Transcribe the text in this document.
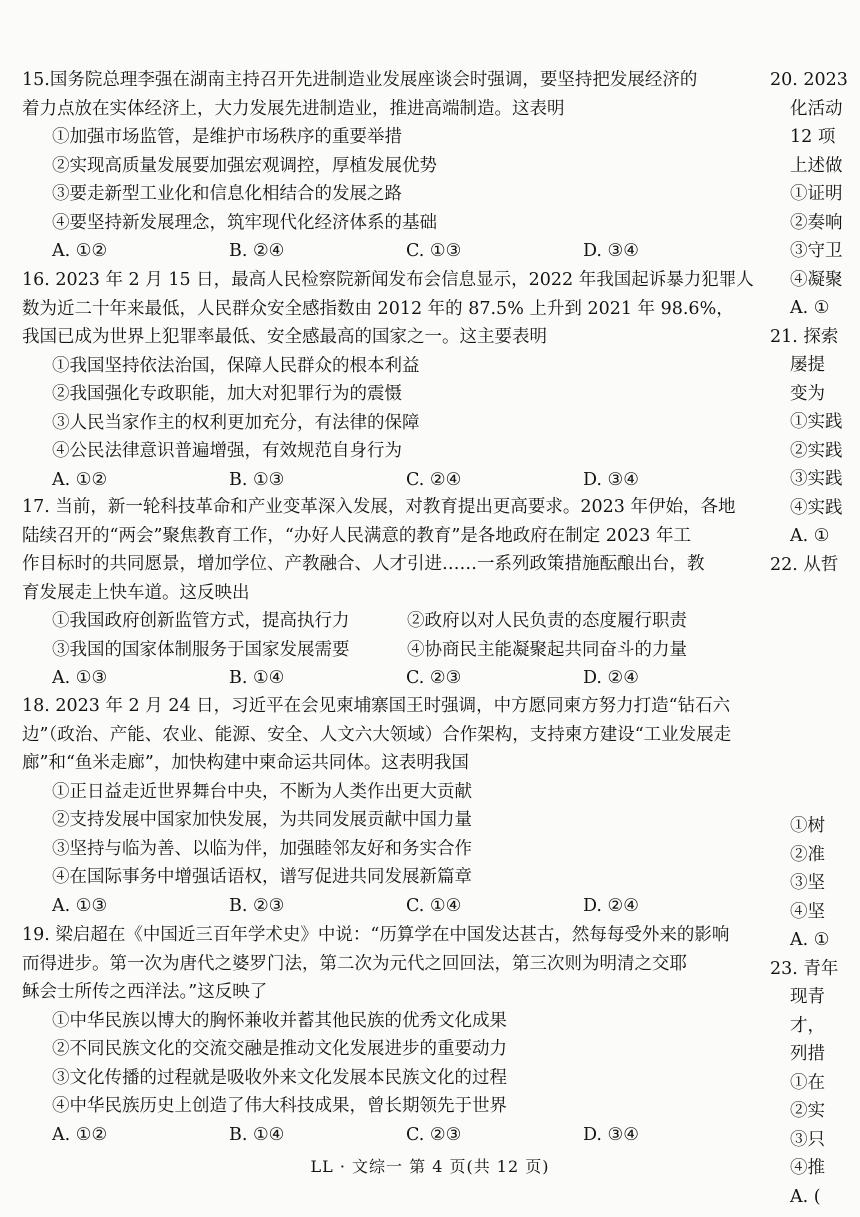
15.国务院总理李强在湖南主持召开先进制造业发展座谈会时强调，要坚持把发展经济的

着力点放在实体经济上，大力发展先进制造业，推进高端制造。这表明

①加强市场监管，是维护市场秩序的重要举措

②实现高质量发展要加强宏观调控，厚植发展优势

③要走新型工业化和信息化相结合的发展之路

④要坚持新发展理念，筑牢现代化经济体系的基础

A. ①②	B. ②④	C. ①③	D. ③④

16. 2023 年 2 月 15 日，最高人民检察院新闻发布会信息显示，2022 年我国起诉暴力犯罪人

数为近二十年来最低，人民群众安全感指数由 2012 年的 87.5% 上升到 2021 年 98.6%，

我国已成为世界上犯罪率最低、安全感最高的国家之一。这主要表明

①我国坚持依法治国，保障人民群众的根本利益

②我国强化专政职能，加大对犯罪行为的震慑

③人民当家作主的权利更加充分，有法律的保障

④公民法律意识普遍增强，有效规范自身行为

A. ①②	B. ①③	C. ②④	D. ③④

17. 当前，新一轮科技革命和产业变革深入发展，对教育提出更高要求。2023 年伊始，各地

陆续召开的“两会”聚焦教育工作，“办好人民满意的教育”是各地政府在制定 2023 年工

作目标时的共同愿景，增加学位、产教融合、人才引进……一系列政策措施酝酿出台，教

育发展走上快车道。这反映出

①我国政府创新监管方式，提高执行力	②政府以对人民负责的态度履行职责
③我国的国家体制服务于国家发展需要	④协商民主能凝聚起共同奋斗的力量
A. ①③	B. ①④	C. ②③	D. ②④

18. 2023 年 2 月 24 日，习近平在会见柬埔寨国王时强调，中方愿同柬方努力打造“钻石六

边”（政治、产能、农业、能源、安全、人文六大领域）合作架构，支持柬方建设“工业发展走

廊”和“鱼米走廊”，加快构建中柬命运共同体。这表明我国

①正日益走近世界舞台中央，不断为人类作出更大贡献

②支持发展中国家加快发展，为共同发展贡献中国力量

③坚持与临为善、以临为伴，加强睦邻友好和务实合作

④在国际事务中增强话语权，谱写促进共同发展新篇章

A. ①③	B. ②③	C. ①④	D. ②④

19. 梁启超在《中国近三百年学术史》中说：“历算学在中国发达甚古，然每每受外来的影响

而得进步。第一次为唐代之婆罗门法，第二次为元代之回回法，第三次则为明清之交耶

稣会士所传之西洋法。”这反映了

①中华民族以博大的胸怀兼收并蓄其他民族的优秀文化成果

②不同民族文化的交流交融是推动文化发展进步的重要动力

③文化传播的过程就是吸收外来文化发展本民族文化的过程

④中华民族历史上创造了伟大科技成果，曾长期领先于世界

A. ①②	B. ①④	C. ②③	D. ③④

20. 2023

化活动

12 项

上述做

①证明

②奏响

③守卫

④凝聚

A. ①

21. 探索

屡提

变为

①实践

②实践

③实践

④实践

A. ①

22. 从哲

①树

②准

③坚

④坚

A. ①

23. 青年

现青

才，

列措

①在

②实

③只

④推

A. (

LL · 文综一 第 4 页(共 12 页)
